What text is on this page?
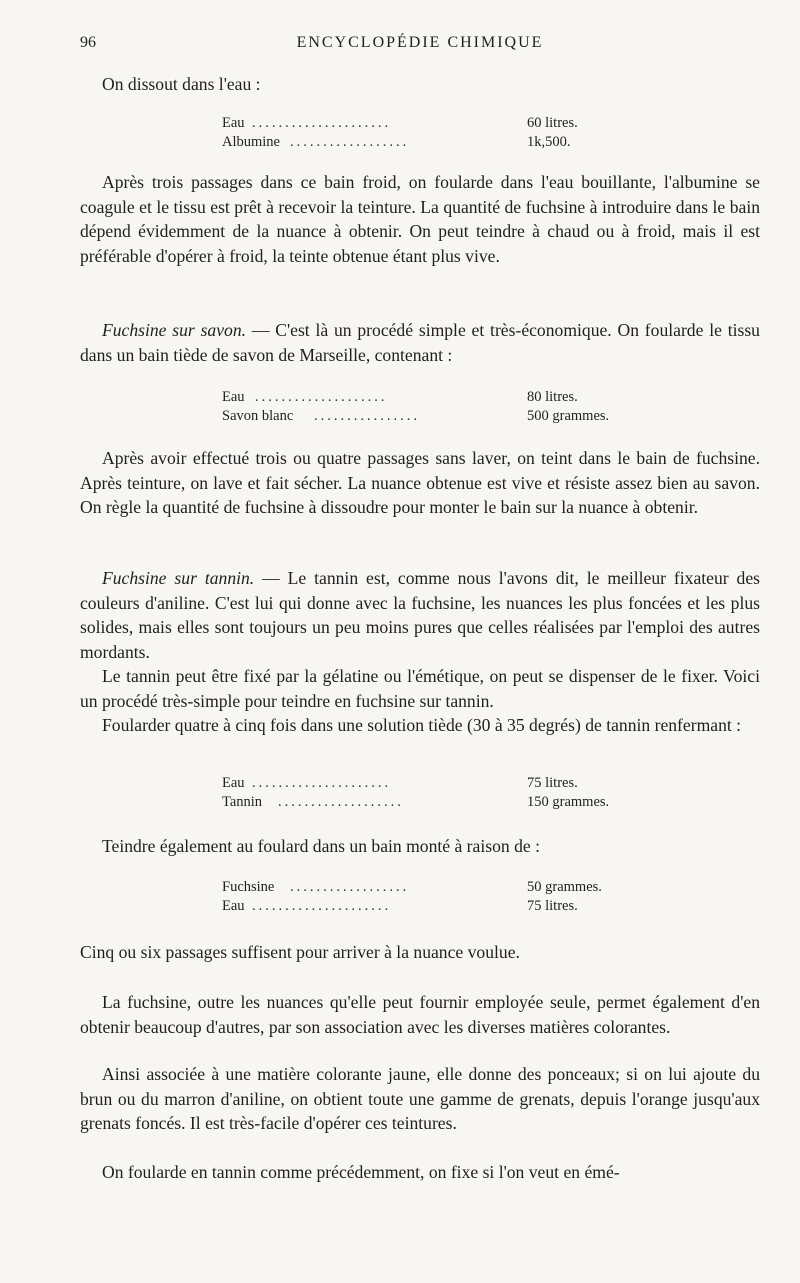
96	ENCYCLOPÉDIE CHIMIQUE

On dissout dans l'eau :

Eau .....................	60 litres.
Albumine ..................	1k,500.

Après trois passages dans ce bain froid, on foularde dans l'eau bouillante, l'albumine se coagule et le tissu est prêt à recevoir la teinture. La quantité de fuchsine à introduire dans le bain dépend évidemment de la nuance à obtenir. On peut teindre à chaud ou à froid, mais il est préférable d'opérer à froid, la teinte obtenue étant plus vive.

Fuchsine sur savon. — C'est là un procédé simple et très-économique. On foularde le tissu dans un bain tiède de savon de Marseille, contenant :

Eau ....................	80 litres.
Savon blanc ................	500 grammes.

Après avoir effectué trois ou quatre passages sans laver, on teint dans le bain de fuchsine. Après teinture, on lave et fait sécher. La nuance obtenue est vive et résiste assez bien au savon. On règle la quantité de fuchsine à dissoudre pour monter le bain sur la nuance à obtenir.

Fuchsine sur tannin. — Le tannin est, comme nous l'avons dit, le meilleur fixateur des couleurs d'aniline. C'est lui qui donne avec la fuchsine, les nuances les plus foncées et les plus solides, mais elles sont toujours un peu moins pures que celles réalisées par l'emploi des autres mordants.

Le tannin peut être fixé par la gélatine ou l'émétique, on peut se dispenser de le fixer. Voici un procédé très-simple pour teindre en fuchsine sur tannin.

Foularder quatre à cinq fois dans une solution tiède (30 à 35 degrés) de tannin renfermant :

Eau .....................	75 litres.
Tannin ...................	150 grammes.

Teindre également au foulard dans un bain monté à raison de :

Fuchsine ..................	50 grammes.
Eau .....................	75 litres.

Cinq ou six passages suffisent pour arriver à la nuance voulue.

La fuchsine, outre les nuances qu'elle peut fournir employée seule, permet également d'en obtenir beaucoup d'autres, par son association avec les diverses matières colorantes.

Ainsi associée à une matière colorante jaune, elle donne des ponceaux; si on lui ajoute du brun ou du marron d'aniline, on obtient toute une gamme de grenats, depuis l'orange jusqu'aux grenats foncés. Il est très-facile d'opérer ces teintures.

On foularde en tannin comme précédemment, on fixe si l'on veut en émé-
